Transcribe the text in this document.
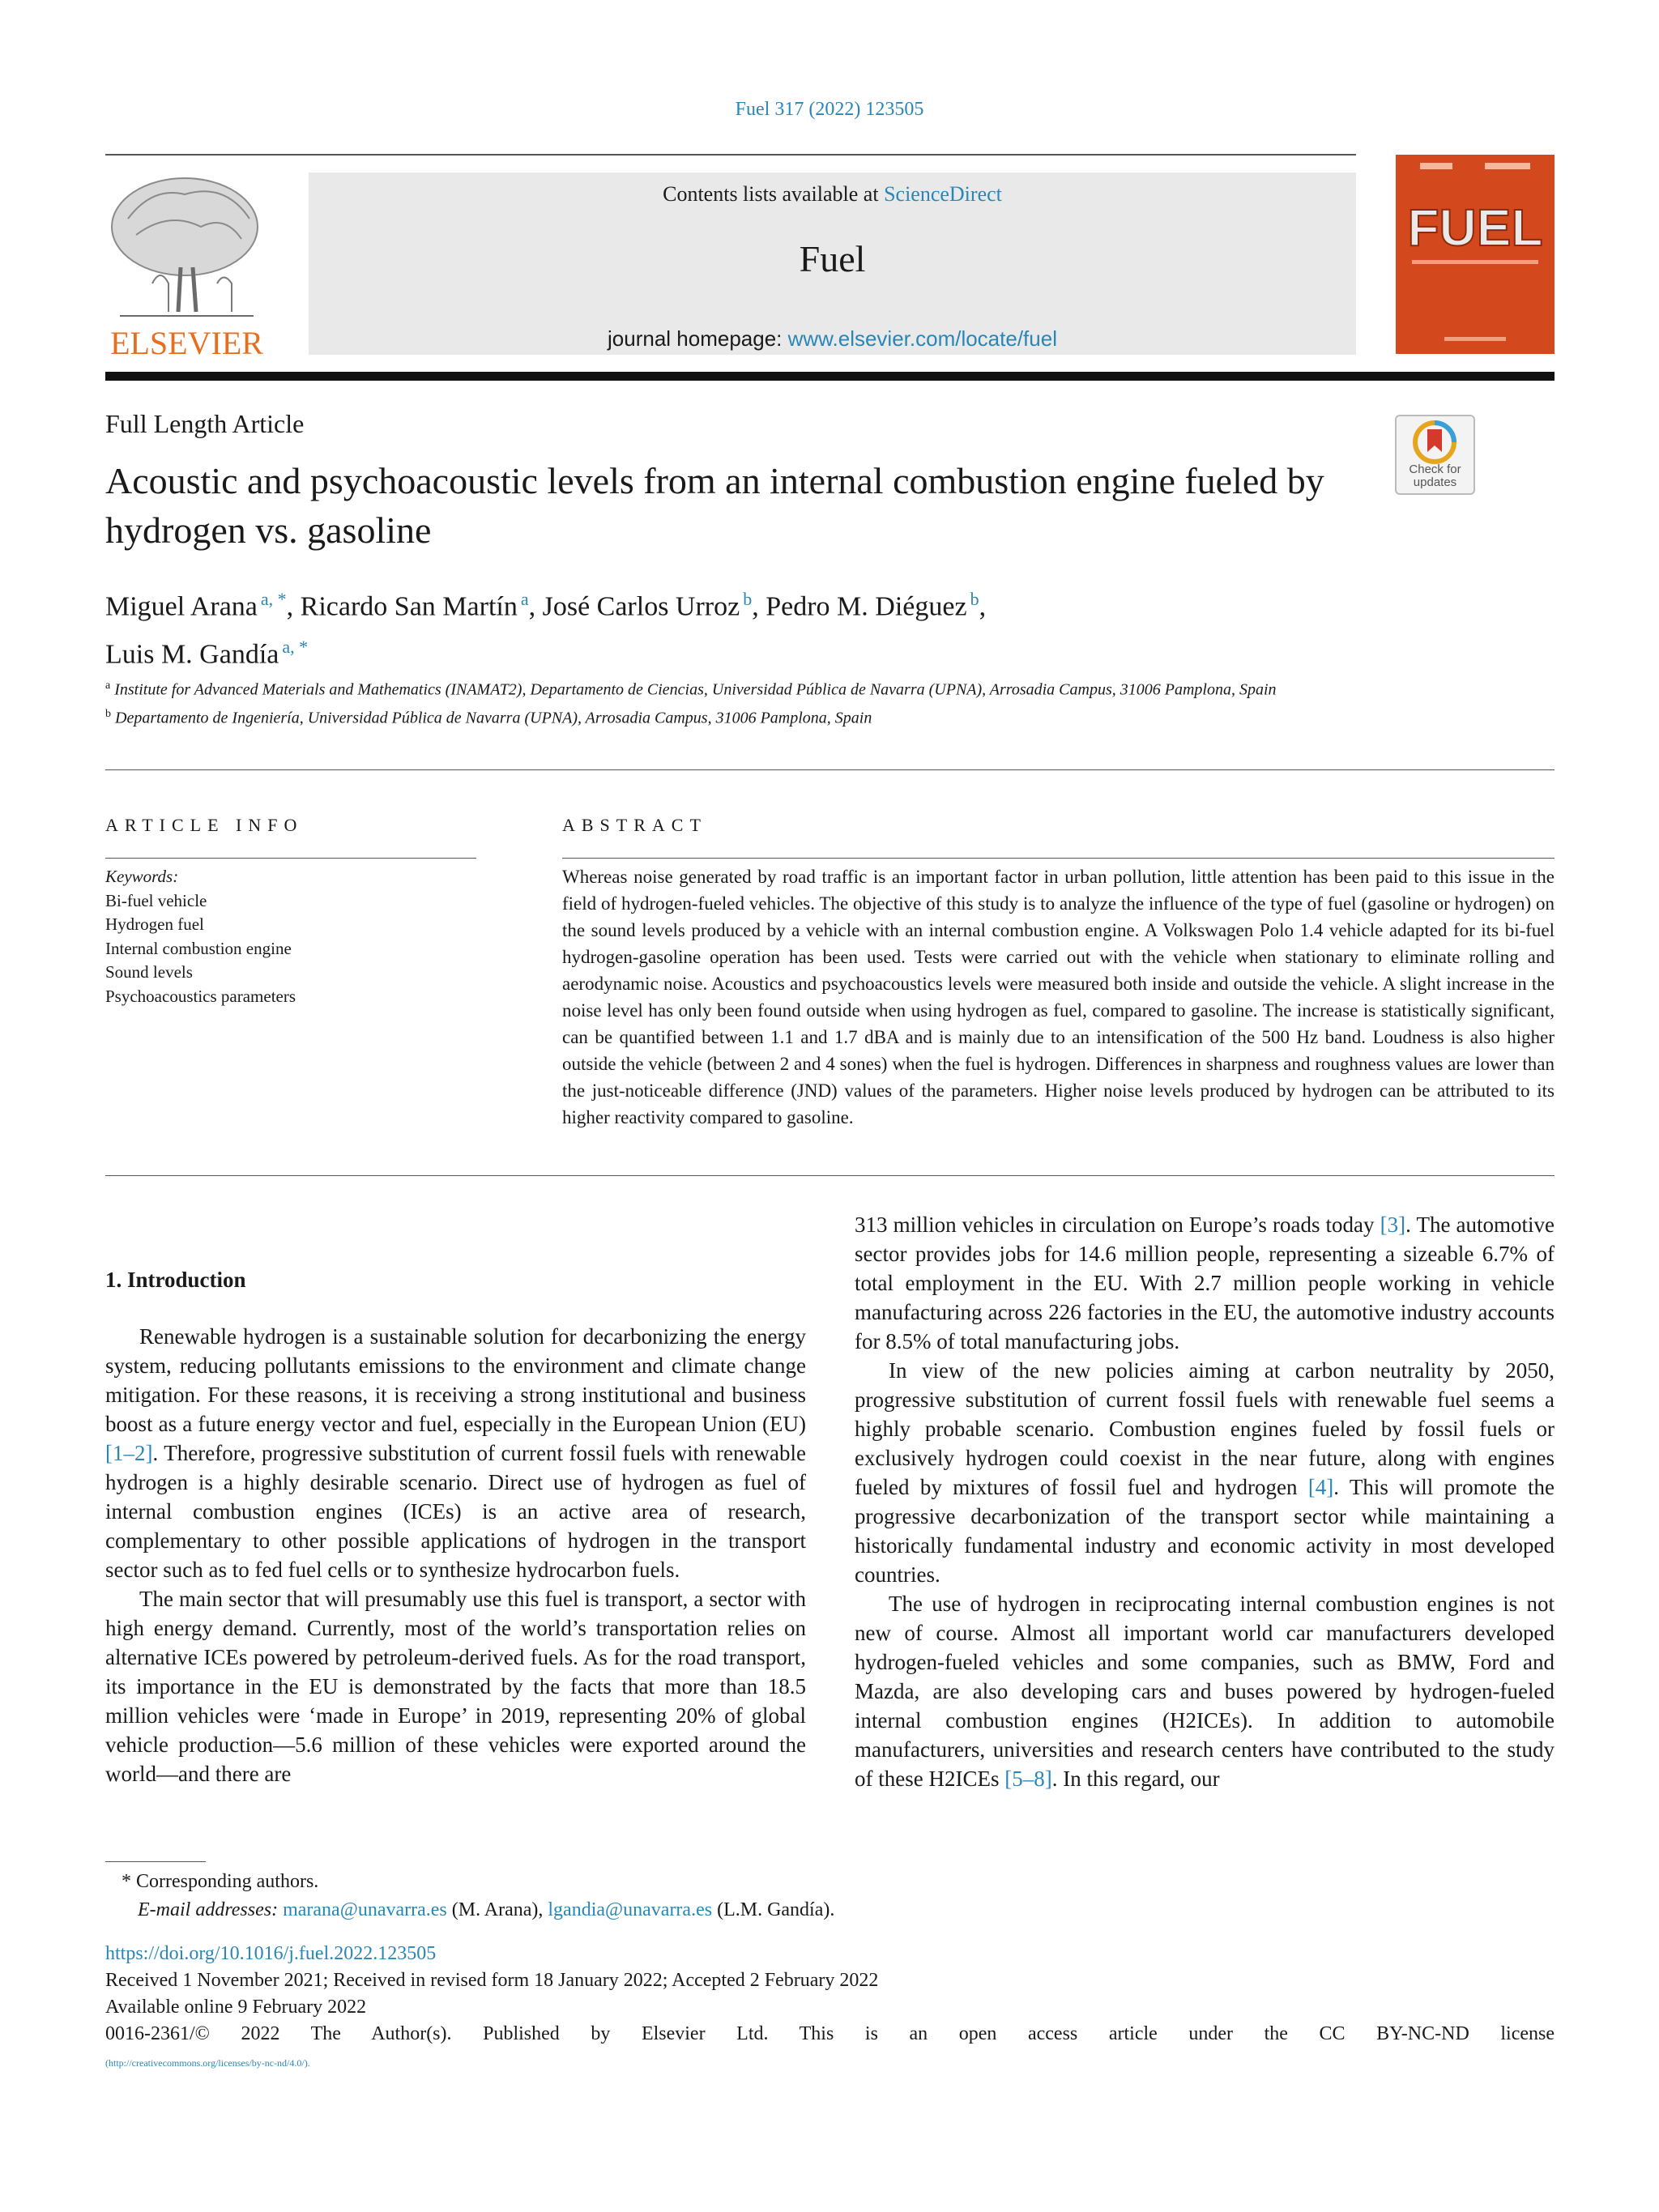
Fuel 317 (2022) 123505
ELSEVIER
Contents lists available at ScienceDirect
Fuel
journal homepage: www.elsevier.com/locate/fuel
FUEL
Full Length Article
Acoustic and psychoacoustic levels from an internal combustion engine fueled by hydrogen vs. gasoline
Check for updates
Miguel Arana $^{a, *}$, Ricardo San Martín $^a$, José Carlos Urroz $^b$, Pedro M. Diéguez $^b$,
Luis M. Gandía $^{a, *}$
$^a$ Institute for Advanced Materials and Mathematics (INAMAT2), Departamento de Ciencias, Universidad Pública de Navarra (UPNA), Arrosadia Campus, 31006 Pamplona, Spain
$^b$ Departamento de Ingeniería, Universidad Pública de Navarra (UPNA), Arrosadia Campus, 31006 Pamplona, Spain
ARTICLE INFO
Keywords:
Bi-fuel vehicle
Hydrogen fuel
Internal combustion engine
Sound levels
Psychoacoustics parameters
ABSTRACT
Whereas noise generated by road traffic is an important factor in urban pollution, little attention has been paid to this issue in the field of hydrogen-fueled vehicles. The objective of this study is to analyze the influence of the type of fuel (gasoline or hydrogen) on the sound levels produced by a vehicle with an internal combustion engine. A Volkswagen Polo 1.4 vehicle adapted for its bi-fuel hydrogen-gasoline operation has been used. Tests were carried out with the vehicle when stationary to eliminate rolling and aerodynamic noise. Acoustics and psychoacoustics levels were measured both inside and outside the vehicle. A slight increase in the noise level has only been found outside when using hydrogen as fuel, compared to gasoline. The increase is statistically significant, can be quantified between 1.1 and 1.7 dBA and is mainly due to an intensification of the 500 Hz band. Loudness is also higher outside the vehicle (between 2 and 4 sones) when the fuel is hydrogen. Differences in sharpness and roughness values are lower than the just-noticeable difference (JND) values of the parameters. Higher noise levels produced by hydrogen can be attributed to its higher reactivity compared to gasoline.
1. Introduction

Renewable hydrogen is a sustainable solution for decarbonizing the energy system, reducing pollutants emissions to the environment and climate change mitigation. For these reasons, it is receiving a strong institutional and business boost as a future energy vector and fuel, especially in the European Union (EU) [1–2]. Therefore, progressive substitution of current fossil fuels with renewable hydrogen is a highly desirable scenario. Direct use of hydrogen as fuel of internal combustion engines (ICEs) is an active area of research, complementary to other possible applications of hydrogen in the transport sector such as to fed fuel cells or to synthesize hydrocarbon fuels.

The main sector that will presumably use this fuel is transport, a sector with high energy demand. Currently, most of the world’s transportation relies on alternative ICEs powered by petroleum-derived fuels. As for the road transport, its importance in the EU is demonstrated by the facts that more than 18.5 million vehicles were ‘made in Europe’ in 2019, representing 20% of global vehicle production—5.6 million of these vehicles were exported around the world—and there are

313 million vehicles in circulation on Europe’s roads today [3]. The automotive sector provides jobs for 14.6 million people, representing a sizeable 6.7% of total employment in the EU. With 2.7 million people working in vehicle manufacturing across 226 factories in the EU, the automotive industry accounts for 8.5% of total manufacturing jobs.

In view of the new policies aiming at carbon neutrality by 2050, progressive substitution of current fossil fuels with renewable fuel seems a highly probable scenario. Combustion engines fueled by fossil fuels or exclusively hydrogen could coexist in the near future, along with engines fueled by mixtures of fossil fuel and hydrogen [4]. This will promote the progressive decarbonization of the transport sector while maintaining a historically fundamental industry and economic activity in most developed countries.

The use of hydrogen in reciprocating internal combustion engines is not new of course. Almost all important world car manufacturers developed hydrogen-fueled vehicles and some companies, such as BMW, Ford and Mazda, are also developing cars and buses powered by hydrogen-fueled internal combustion engines (H2ICEs). In addition to automobile manufacturers, universities and research centers have contributed to the study of these H2ICEs [5–8]. In this regard, our

* Corresponding authors.
E-mail addresses: marana@unavarra.es (M. Arana), lgandia@unavarra.es (L.M. Gandía).
https://doi.org/10.1016/j.fuel.2022.123505
Received 1 November 2021; Received in revised form 18 January 2022; Accepted 2 February 2022
Available online 9 February 2022
0016-2361/© 2022 The Author(s). Published by Elsevier Ltd. This is an open access article under the CC BY-NC-ND license
(http://creativecommons.org/licenses/by-nc-nd/4.0/).
